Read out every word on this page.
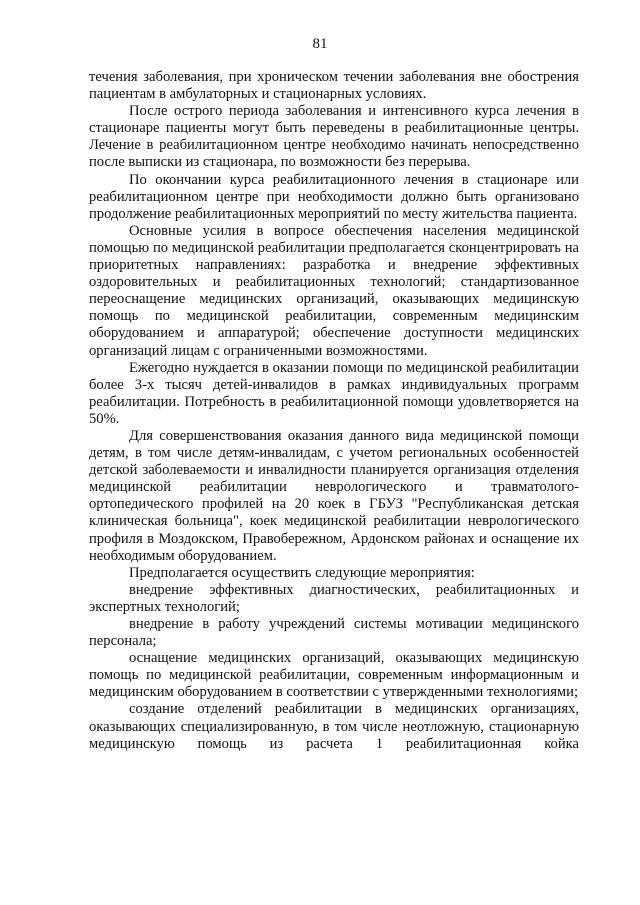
81

течения заболевания, при хроническом течении заболевания вне обострения пациентам в амбулаторных и стационарных условиях.

После острого периода заболевания и интенсивного курса лечения в стационаре пациенты могут быть переведены в реабилитационные центры. Лечение в реабилитационном центре необходимо начинать непосредственно после выписки из стационара, по возможности без перерыва.

По окончании курса реабилитационного лечения в стационаре или реабилитационном центре при необходимости должно быть организовано продолжение реабилитационных мероприятий по месту жительства пациента.

Основные усилия в вопросе обеспечения населения медицинской помощью по медицинской реабилитации предполагается сконцентрировать на приоритетных направлениях: разработка и внедрение эффективных оздоровительных и реабилитационных технологий; стандартизованное переоснащение медицинских организаций, оказывающих медицинскую помощь по медицинской реабилитации, современным медицинским оборудованием и аппаратурой; обеспечение доступности медицинских организаций лицам с ограниченными возможностями.

Ежегодно нуждается в оказании помощи по медицинской реабилитации более 3-х тысяч детей-инвалидов в рамках индивидуальных программ реабилитации. Потребность в реабилитационной помощи удовлетворяется на 50%.

Для совершенствования оказания данного вида медицинской помощи детям, в том числе детям-инвалидам, с учетом региональных особенностей детской заболеваемости и инвалидности планируется организация отделения медицинской реабилитации неврологического и травматолого-ортопедического профилей на 20 коек в ГБУЗ "Республиканская детская клиническая больница", коек медицинской реабилитации неврологического профиля в Моздокском, Правобережном, Ардонском районах и оснащение их необходимым оборудованием.

Предполагается осуществить следующие мероприятия:

внедрение эффективных диагностических, реабилитационных и экспертных технологий;

внедрение в работу учреждений системы мотивации медицинского персонала;

оснащение медицинских организаций, оказывающих медицинскую помощь по медицинской реабилитации, современным информационным и медицинским оборудованием в соответствии с утвержденными технологиями;

создание отделений реабилитации в медицинских организациях, оказывающих специализированную, в том числе неотложную, стационарную медицинскую помощь из расчета 1 реабилитационная койка
